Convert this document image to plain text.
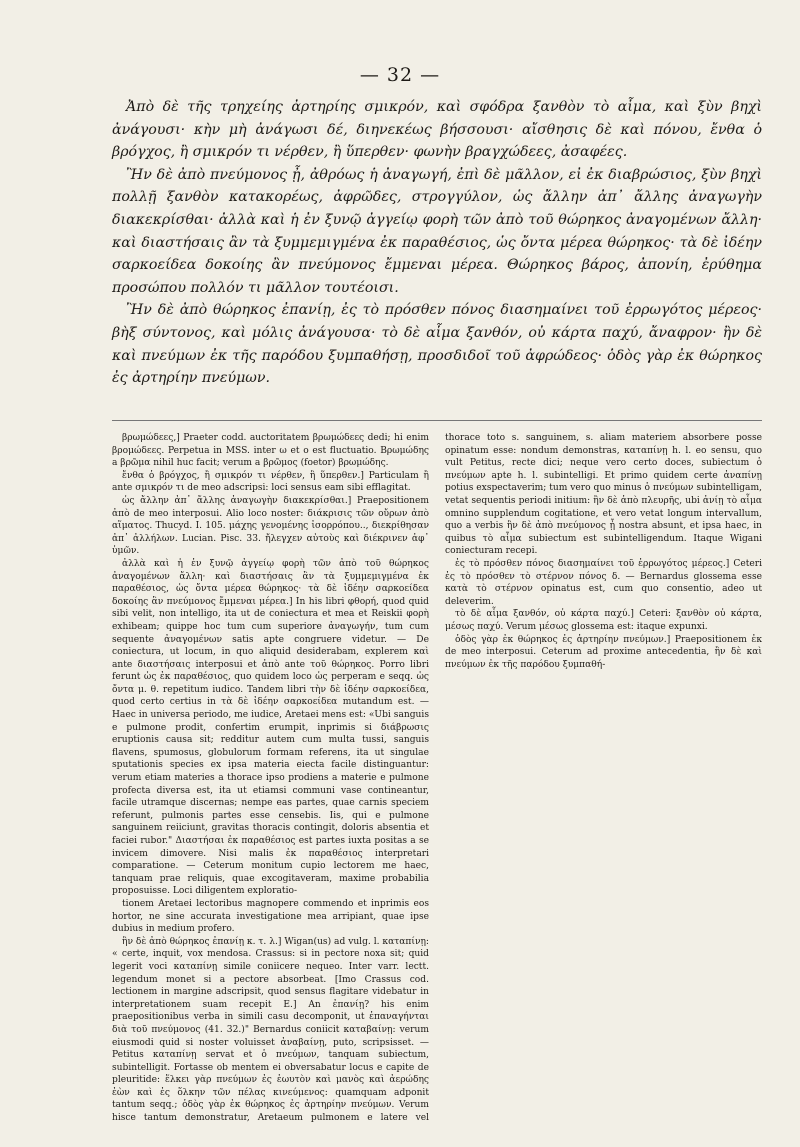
— 32 —

Ἀπὸ δὲ τῆς τρηχείης ἀρτηρίης σμικρόν, καὶ σφόδρα ξανθὸν τὸ αἷμα, καὶ ξὺν βηχὶ ἀνάγουσι· κὴν μὴ ἀνάγωσι δέ, διηνεκέως βήσσουσι· αἴσθησις δὲ καὶ πόνου, ἔνθα ὁ βρόγχος, ἢ σμικρόν τι νέρθεν, ἢ ὕπερθεν· φωνὴν βραγχώδεες, ἀσαφέες.

Ἢν δὲ ἀπὸ πνεύμονος ᾖ, ἀθρόως ἡ ἀναγωγή, ἐπὶ δὲ μᾶλλον, εἰ ἐκ διαβρώσιος, ξὺν βηχὶ πολλῇ ξανθὸν κατακορέως, ἀφρῶδες, στρογγύλον, ὡς ἄλλην ἀπ᾽ ἄλλης ἀναγωγὴν διακεκρίσθαι· ἀλλὰ καὶ ἡ ἐν ξυνῷ ἀγγείῳ φορὴ τῶν ἀπὸ τοῦ θώρηκος ἀναγομένων ἄλλη· καὶ διαστήσαις ἂν τὰ ξυμμεμιγμένα ἐκ παραθέσιος, ὡς ὄντα μέρεα θώρηκος· τὰ δὲ ἰδέην σαρκοείδεα δοκοίης ἂν πνεύμονος ἔμμεναι μέρεα. Θώρηκος βάρος, ἀπονίη, ἐρύθημα προσώπου πολλόν τι μᾶλλον τουτέοισι.

Ἢν δὲ ἀπὸ θώρηκος ἐπανίῃ, ἐς τὸ πρόσθεν πόνος διασημαίνει τοῦ ἐρρωγότος μέρεος· βὴξ σύντονος, καὶ μόλις ἀνάγουσα· τὸ δὲ αἷμα ξανθόν, οὐ κάρτα παχύ, ἄναφρον· ἢν δὲ καὶ πνεύμων ἐκ τῆς παρόδου ξυμπαθήσῃ, προσδιδοῖ τοῦ ἀφρώδεος· ὁδὸς γὰρ ἐκ θώρηκος ἐς ἀρτηρίην πνεύμων.

βρωμώδεες,] Praeter codd. auctoritatem βρωμώδεες dedi; hi enim βρομώδεες. Perpetua in MSS. inter ω et ο est fluctuatio. Βρωμώδης a βρῶμα nihil huc facit; verum a βρῶμος (foetor) βρωμώδης.

ἔνθα ὁ βρόγχος, ἢ σμικρόν τι νέρθεν, ἢ ὕπερθεν.] Particulam ἢ ante σμικρόν τι de meo adscripsi: loci sensus eam sibi efflagitat.

ὡς ἄλλην ἀπ᾽ ἄλλης ἀναγωγὴν διακεκρίσθαι.] Praepositionem ἀπὸ de meo interposui. Alio loco noster: διάκρισις τῶν οὔρων ἀπὸ αἵματος. Thucyd. I. 105. μάχης γενομένης ἰσορρόπου.., διεκρίθησαν ἀπ᾽ ἀλλήλων. Lucian. Pisc. 33. ἤλεγχεν αὐτοὺς καὶ διέκρινεν ἀφ᾽ ὑμῶν.

ἀλλὰ καὶ ἡ ἐν ξυνῷ ἀγγείῳ φορὴ τῶν ἀπὸ τοῦ θώρηκος ἀναγομένων ἄλλη· καὶ διαστήσαις ἂν τὰ ξυμμεμιγμένα ἐκ παραθέσιος, ὡς ὄντα μέρεα θώρηκος· τὰ δὲ ἰδέην σαρκοείδεα δοκοίης ἂν πνεύμονος ἔμμεναι μέρεα.] In his libri φθορή, quod quid sibi velit, non intelligo, ita ut de coniectura et mea et Reiskii φορὴ exhibeam; quippe hoc tum cum superiore ἀναγωγήν, tum cum sequente ἀναγομένων satis apte congruere videtur. — De coniectura, ut locum, in quo aliquid desiderabam, explerem καὶ ante διαστήσαις interposui et ἀπὸ ante τοῦ θώρηκος. Porro libri ferunt ὡς ἐκ παραθέσιος, quo quidem loco ὡς perperam e seqq. ὡς ὄντα μ. θ. repetitum iudico. Tandem libri τὴν δὲ ἰδέην σαρκοείδεα, quod certo certius in τὰ δὲ ἰδέην σαρκοείδεα mutandum est. — Haec in universa periodo, me iudice, Aretaei mens est: «Ubi sanguis e pulmone prodit, confertim erumpit, inprimis si διάβρωσις eruptionis causa sit; redditur autem cum multa tussi, sanguis flavens, spumosus, globulorum formam referens, ita ut singulae sputationis species ex ipsa materia eiecta facile distinguantur: verum etiam materies a thorace ipso prodiens a materie e pulmone profecta diversa est, ita ut etiamsi communi vase contineantur, facile utramque discernas; nempe eas partes, quae carnis speciem referunt, pulmonis partes esse censebis. Iis, qui e pulmone sanguinem reiiciunt, gravitas thoracis contingit, doloris absentia et faciei rubor." Διαστήσαι ἐκ παραθέσιος est partes iuxta positas a se invicem dimovere. Nisi malis ἐκ παραθέσιος interpretari comparatione. — Ceterum monitum cupio lectorem me haec, tanquam prae reliquis, quae excogitaveram, maxime probabilia proposuisse. Loci diligentem exploratio-

tionem Aretaei lectoribus magnopere commendo et inprimis eos hortor, ne sine accurata investigatione mea arripiant, quae ipse dubius in medium profero.

ἢν δὲ ἀπὸ θώρηκος ἐπανίῃ κ. τ. λ.] Wigan(us) ad vulg. l. καταπίνῃ: « certe, inquit, vox mendosa. Crassus: si in pectore noxa sit; quid legerit voci καταπίνῃ simile coniicere nequeo. Inter varr. lectt. legendum monet si a pectore absorbeat. [Imo Crassus cod. lectionem in margine adscripsit, quod sensus flagitare videbatur in interpretationem suam recepit E.] An ἐπανίῃ? his enim praepositionibus verba in simili casu decomponit, ut ἐπαναγήνται διὰ τοῦ πνεύμονος (41. 32.)" Bernardus coniicit καταβαίνῃ: verum eiusmodi quid si noster voluisset ἀναβαίνῃ, puto, scripsisset. — Petitus καταπίνῃ servat et ὁ πνεύμων, tanquam subiectum, subintelligit. Fortasse ob mentem ei obversabatur locus e capite de pleuritide: ἕλκει γὰρ πνεύμων ἐς ἑωυτὸν καὶ μανὸς καὶ ἀερώδης ἐὼν καὶ ἐς ὅλκην τῶν πέλας κινεύμενος: quamquam adponit tantum seqq.; ὁδὸς γὰρ ἐκ θώρηκος ἐς ἀρτηρίην πνεύμων. Verum hisce tantum demonstratur, Aretaeum pulmonem e latere vel thorace toto s. sanguinem, s. aliam materiem absorbere posse opinatum esse: nondum demonstras, καταπίνῃ h. l. eo sensu, quo vult Petitus, recte dici; neque vero certo doces, subiectum ὁ πνεύμων apte h. l. subintelligi. Et primo quidem certe ἀναπίνῃ potius exspectaverim; tum vero quo minus ὁ πνεύμων subintelligam, vetat sequentis periodi initium: ἢν δὲ ἀπὸ πλευρῆς, ubi ἀνίῃ τὸ αἷμα omnino supplendum cogitatione, et vero vetat longum intervallum, quo a verbis ἢν δὲ ἀπὸ πνεύμονος ᾖ nostra absunt, et ipsa haec, in quibus τὸ αἷμα subiectum est subintelligendum. Itaque Wigani coniecturam recepi.

ἐς τὸ πρόσθεν πόνος διασημαίνει τοῦ ἐρρωγότος μέρεος.] Ceteri ἐς τὸ πρόσθεν τὸ στέρνον πόνος δ. — Bernardus glossema esse κατὰ τὸ στέρνον opinatus est, cum quo consentio, adeo ut deleverim.

τὸ δὲ αἷμα ξανθόν, οὐ κάρτα παχύ.] Ceteri: ξανθὸν οὐ κάρτα, μέσως παχύ. Verum μέσως glossema est: itaque expunxi.

ὁδὸς γὰρ ἐκ θώρηκος ἐς ἀρτηρίην πνεύμων.] Praepositionem ἐκ de meo interposui. Ceterum ad proxime antecedentia, ἢν δὲ καὶ πνεύμων ἐκ τῆς παρόδου ξυμπαθή-
